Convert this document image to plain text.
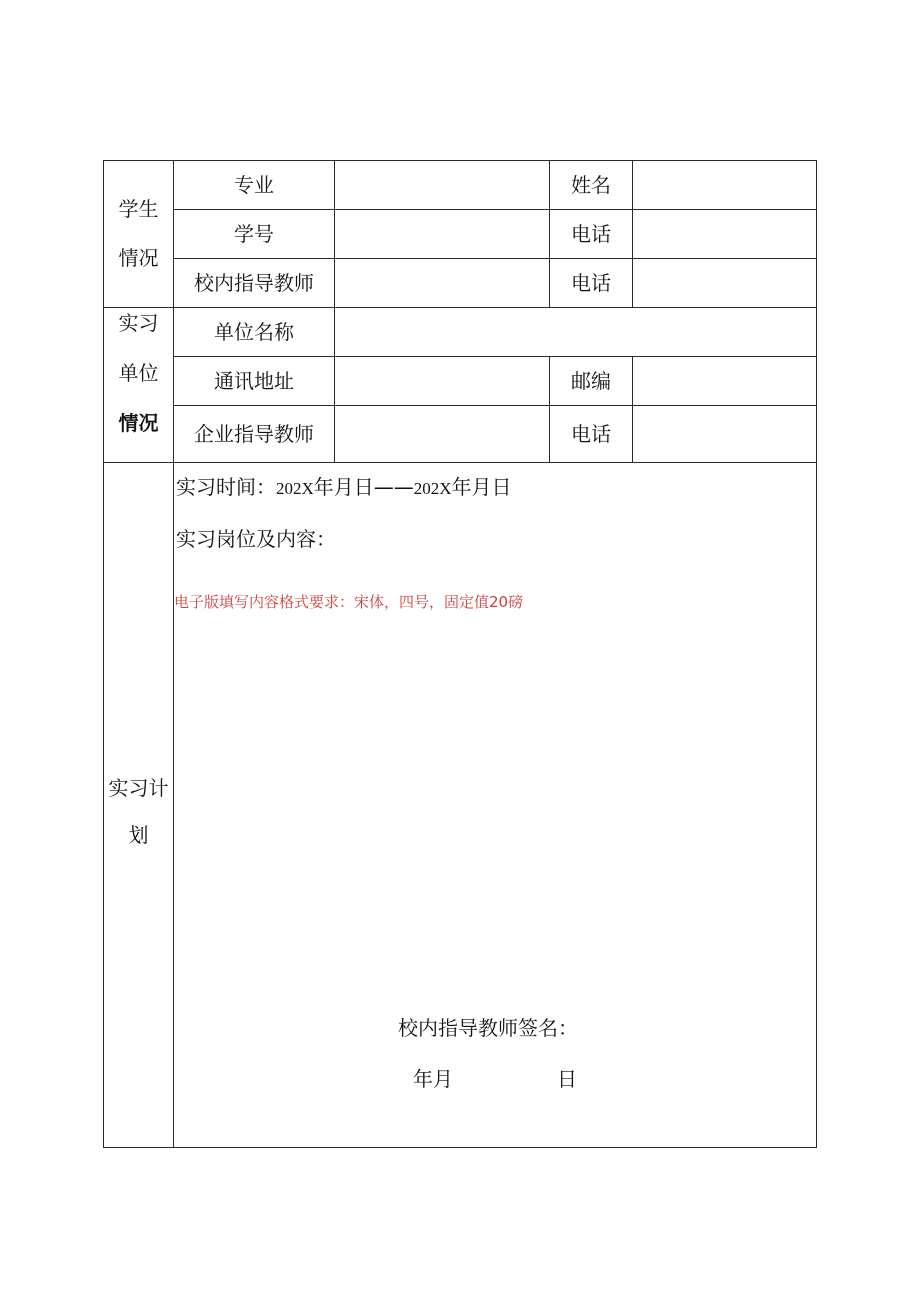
学生
情况
专业	姓名
学号	电话
校内指导教师	电话
实习
单位
情况
单位名称
通讯地址	邮编
企业指导教师	电话
实习计
划
实习时间：202X年月日——202X年月日
实习岗位及内容：
电子版填写内容格式要求：宋体，四号，固定值20磅
校内指导教师签名：
年月	日
